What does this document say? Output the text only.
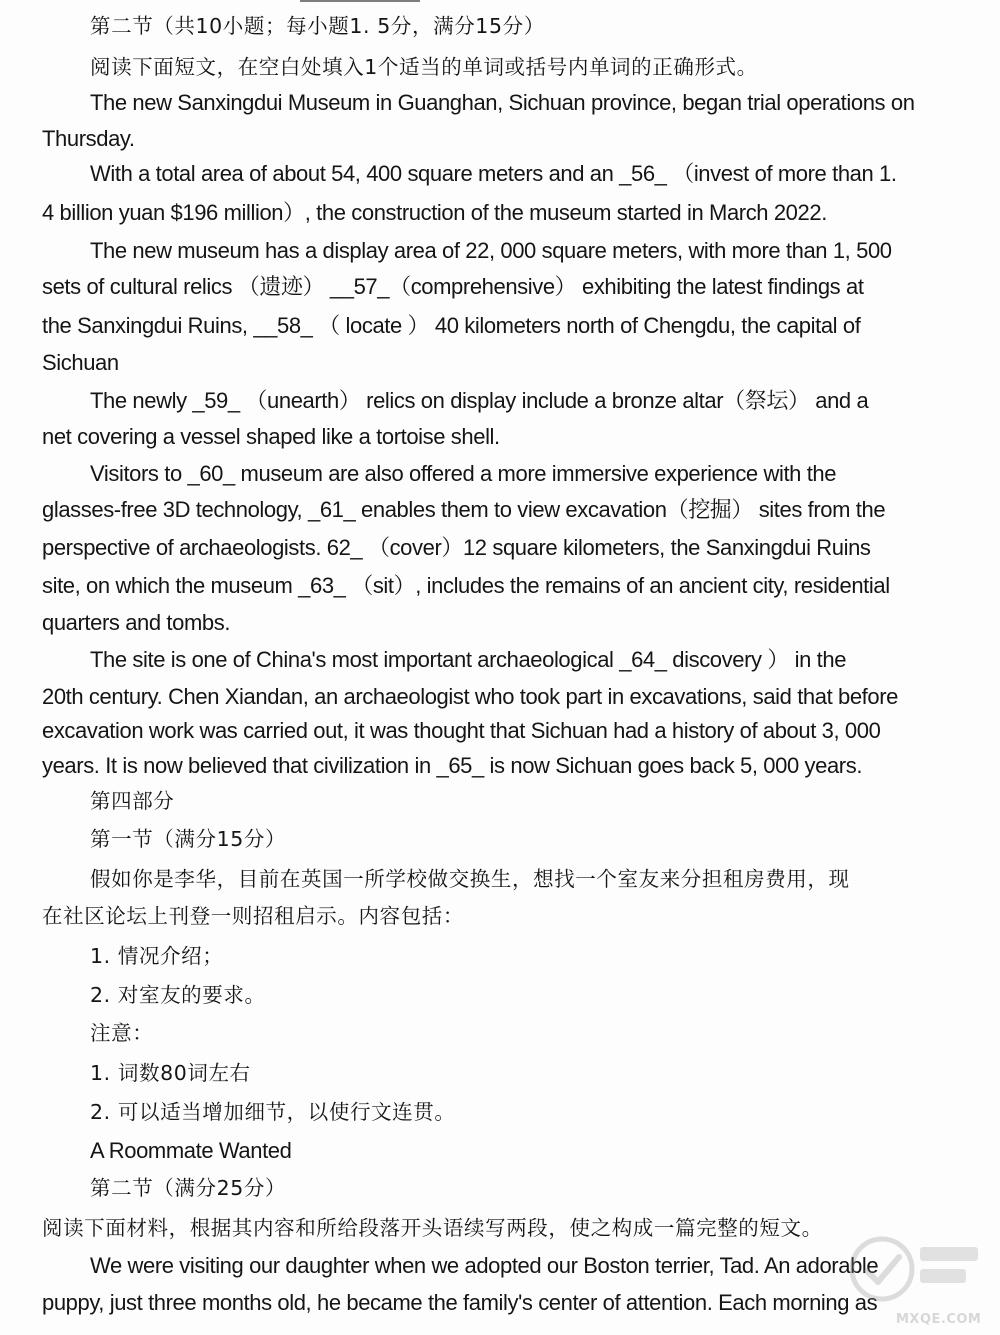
第二节（共10小题；每小题1. 5分，满分15分）
阅读下面短文，在空白处填入1个适当的单词或括号内单词的正确形式。
The new Sanxingdui Museum in Guanghan, Sichuan province, began trial operations on
Thursday.
With a total area of about 54, 400 square meters and an _56_ （invest of more than 1.
4 billion yuan $196 million）, the construction of the museum started in March 2022.
The new museum has a display area of 22, 000 square meters, with more than 1, 500
sets of cultural relics （遗迹） __57_（comprehensive） exhibiting the latest findings at
the Sanxingdui Ruins, __58_ （ locate ） 40 kilometers north of Chengdu, the capital of
Sichuan
The newly _59_ （unearth） relics on display include a bronze altar（祭坛） and a
net covering a vessel shaped like a tortoise shell.
Visitors to _60_ museum are also offered a more immersive experience with the
glasses-free 3D technology, _61_ enables them to view excavation（挖掘） sites from the
perspective of archaeologists. 62_ （cover）12 square kilometers, the Sanxingdui Ruins
site, on which the museum _63_ （sit）, includes the remains of an ancient city, residential
quarters and tombs.
The site is one of China's most important archaeological _64_ discovery ） in the
20th century. Chen Xiandan, an archaeologist who took part in excavations, said that before
excavation work was carried out, it was thought that Sichuan had a history of about 3, 000
years. It is now believed that civilization in _65_ is now Sichuan goes back 5, 000 years.
第四部分
第一节（满分15分）
假如你是李华，目前在英国一所学校做交换生，想找一个室友来分担租房费用，现
在社区论坛上刊登一则招租启示。内容包括：
1. 情况介绍；
2. 对室友的要求。
注意：
1. 词数80词左右
2. 可以适当增加细节，以使行文连贯。
A Roommate Wanted
第二节（满分25分）
阅读下面材料，根据其内容和所给段落开头语续写两段，使之构成一篇完整的短文。
We were visiting our daughter when we adopted our Boston terrier, Tad. An adorable
puppy, just three months old, he became the family's center of attention. Each morning as
MXQE.COM
